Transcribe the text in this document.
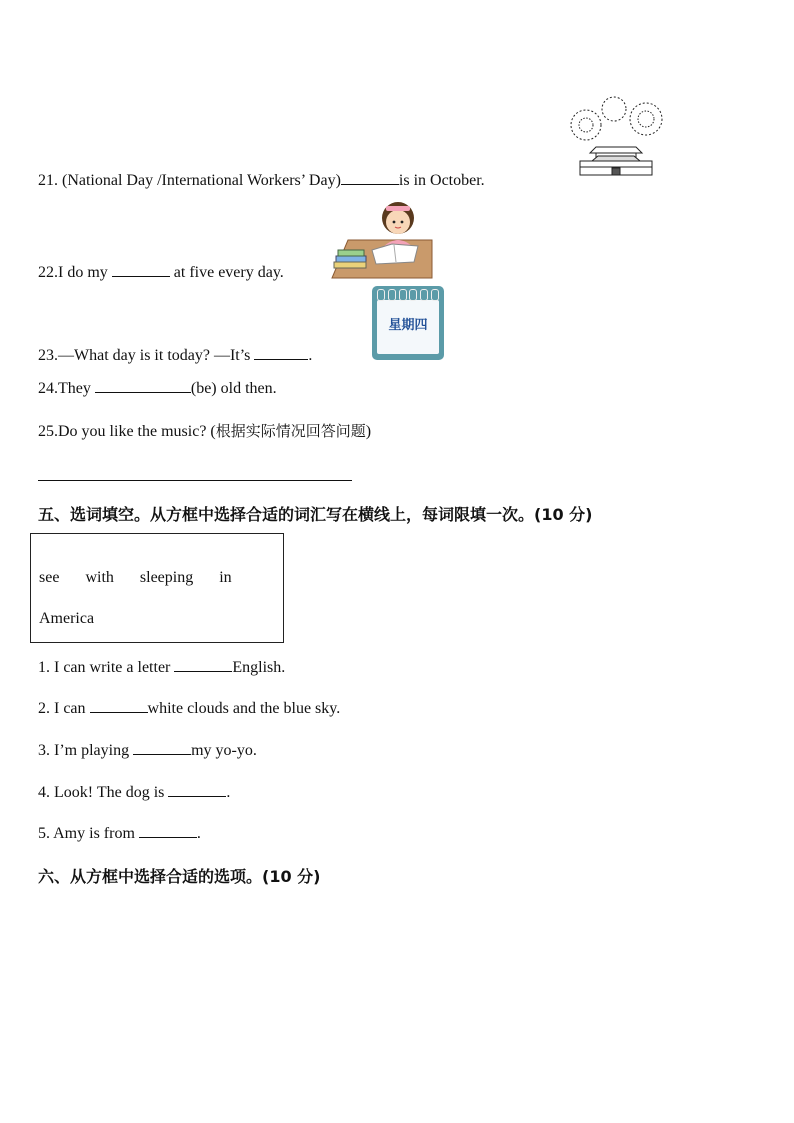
21. (National Day /International Workers’ Day)	is in October.
22.I do my	at five every day.
星期四
23.—What day is it today? —It’s	.
24.They	(be) old then.
25.Do you like the music? (根据实际情况回答问题)
五、选词填空。从方框中选择合适的词汇写在横线上，每词限填一次。(10 分)
see with sleeping in
America
1. I can write a letter	English.
2. I can	white clouds and the blue sky.
3. I’m playing	my yo-yo.
4. Look! The dog is	.
5. Amy is from	.
六、从方框中选择合适的选项。(10 分)
